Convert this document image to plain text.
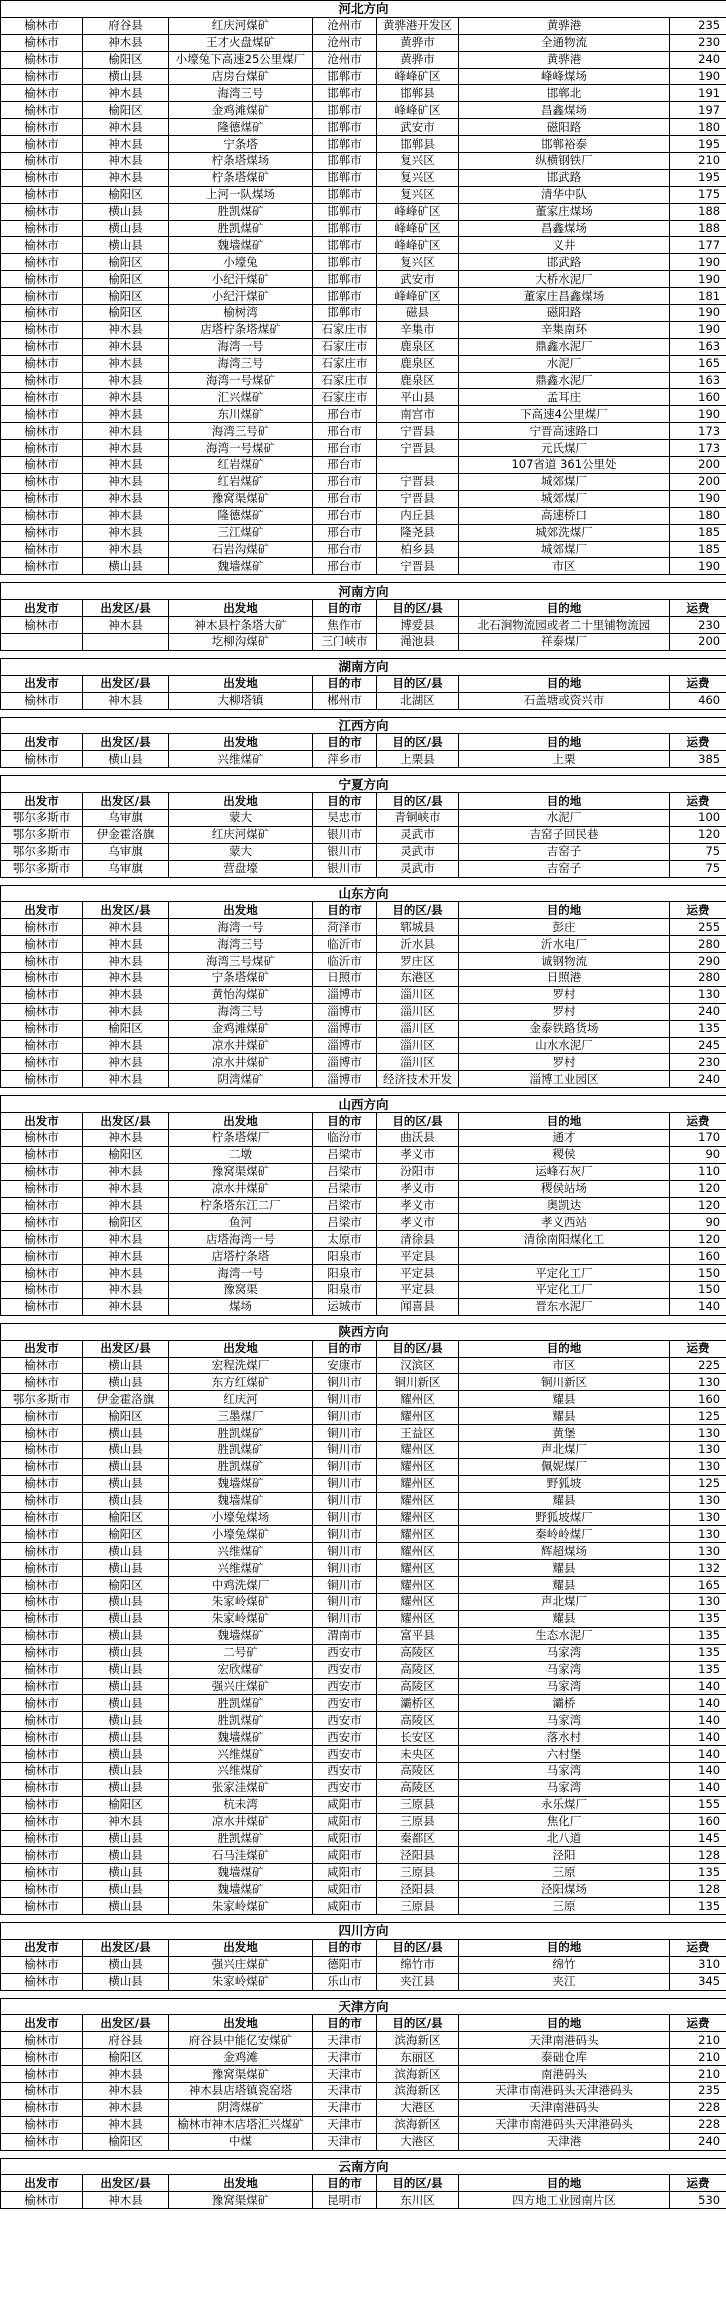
河北方向						
榆林市	府谷县	红庆河煤矿	沧州市	黄骅港开发区	黄骅港	235
榆林市	神木县	王才火盘煤矿	沧州市	黄骅市	全通物流	230
榆林市	榆阳区	小壕兔下高速25公里煤厂	沧州市	黄骅市	黄骅港	240
榆林市	横山县	店房台煤矿	邯郸市	峰峰矿区	峰峰煤场	190
榆林市	神木县	海湾三号	邯郸市	邯郸县	邯郸北	191
榆林市	榆阳区	金鸡滩煤矿	邯郸市	峰峰矿区	昌鑫煤场	197
榆林市	神木县	隆德煤矿	邯郸市	武安市	磁阳路	180
榆林市	神木县	宁条塔	邯郸市	邯郸县	邯郸裕泰	195
榆林市	神木县	柠条塔煤场	邯郸市	复兴区	纵横钢铁厂	210
榆林市	神木县	柠条塔煤矿	邯郸市	复兴区	邯武路	195
榆林市	榆阳区	上河一队煤场	邯郸市	复兴区	清华中队	175
榆林市	横山县	胜凯煤矿	邯郸市	峰峰矿区	董家庄煤场	188
榆林市	横山县	胜凯煤矿	邯郸市	峰峰矿区	昌鑫煤场	188
榆林市	横山县	魏墙煤矿	邯郸市	峰峰矿区	义井	177
榆林市	榆阳区	小壕兔	邯郸市	复兴区	邯武路	190
榆林市	榆阳区	小纪汗煤矿	邯郸市	武安市	大桥水泥厂	190
榆林市	榆阳区	小纪汗煤矿	邯郸市	峰峰矿区	董家庄昌鑫煤场	181
榆林市	榆阳区	榆树湾	邯郸市	磁县	磁阳路	190
榆林市	神木县	店塔柠条塔煤矿	石家庄市	辛集市	辛集南环	190
榆林市	神木县	海湾一号	石家庄市	鹿泉区	鼎鑫水泥厂	163
榆林市	神木县	海湾三号	石家庄市	鹿泉区	水泥厂	165
榆林市	神木县	海湾一号煤矿	石家庄市	鹿泉区	鼎鑫水泥厂	163
榆林市	神木县	汇兴煤矿	石家庄市	平山县	孟耳庄	160
榆林市	神木县	东川煤矿	邢台市	南宫市	下高速4公里煤厂	190
榆林市	神木县	海湾三号矿	邢台市	宁晋县	宁晋高速路口	173
榆林市	神木县	海湾一号煤矿	邢台市	宁晋县	元氏煤厂	173
榆林市	神木县	红岩煤矿	邢台市		107省道 361公里处	200
榆林市	神木县	红岩煤矿	邢台市	宁晋县	城郊煤厂	200
榆林市	神木县	豫窝渠煤矿	邢台市	宁晋县	城郊煤厂	190
榆林市	神木县	隆德煤矿	邢台市	内丘县	高速桥口	180
榆林市	神木县	三江煤矿	邢台市	隆尧县	城郊洗煤厂	185
榆林市	神木县	石岩沟煤矿	邢台市	柏乡县	城郊煤厂	185
榆林市	横山县	魏墙煤矿	邢台市	宁晋县	市区	190

河南方向						
出发市	出发区/县	出发地	目的市	目的区/县	目的地	运费
榆林市	神木县	神木县柠条塔大矿	焦作市	博爱县	北石涧物流园或者二十里铺物流园	230
		圪柳沟煤矿	三门峡市	渑池县	祥泰煤厂	200

湖南方向						
出发市	出发区/县	出发地	目的市	目的区/县	目的地	运费
榆林市	神木县	大柳塔镇	郴州市	北湖区	石盖塘或资兴市	460

江西方向						
出发市	出发区/县	出发地	目的市	目的区/县	目的地	运费
榆林市	横山县	兴维煤矿	萍乡市	上栗县	上栗	385

宁夏方向						
出发市	出发区/县	出发地	目的市	目的区/县	目的地	运费
鄂尔多斯市	乌审旗	蒙大	吴忠市	青铜峡市	水泥厂	100
鄂尔多斯市	伊金霍洛旗	红庆河煤矿	银川市	灵武市	吉窑子回民巷	120
鄂尔多斯市	乌审旗	蒙大	银川市	灵武市	吉窑子	75
鄂尔多斯市	乌审旗	营盘壕	银川市	灵武市	吉窑子	75

山东方向						
出发市	出发区/县	出发地	目的市	目的区/县	目的地	运费
榆林市	神木县	海湾一号	菏泽市	郓城县	彭庄	255
榆林市	神木县	海湾三号	临沂市	沂水县	沂水电厂	280
榆林市	神木县	海湾三号煤矿	临沂市	罗庄区	诚钢物流	290
榆林市	神木县	宁条塔煤矿	日照市	东港区	日照港	280
榆林市	神木县	黄怡沟煤矿	淄博市	淄川区	罗村	130
榆林市	神木县	海湾三号	淄博市	淄川区	罗村	240
榆林市	榆阳区	金鸡滩煤矿	淄博市	淄川区	金泰铁路货场	135
榆林市	神木县	凉水井煤矿	淄博市	淄川区	山水水泥厂	245
榆林市	神木县	凉水井煤矿	淄博市	淄川区	罗村	230
榆林市	神木县	阴湾煤矿	淄博市	经济技术开发	淄博工业园区	240

山西方向						
出发市	出发区/县	出发地	目的市	目的区/县	目的地	运费
榆林市	神木县	柠条塔煤厂	临汾市	曲沃县	通才	170
榆林市	榆阳区	二墩	吕梁市	孝义市	稷侯	90
榆林市	神木县	豫窝渠煤矿	吕梁市	汾阳市	运峰石灰厂	110
榆林市	神木县	凉水井煤矿	吕梁市	孝义市	稷侯站场	120
榆林市	神木县	柠条塔东江二厂	吕梁市	孝义市	奥凯达	120
榆林市	榆阳区	鱼河	吕梁市	孝义市	孝义西站	90
榆林市	神木县	店塔海湾一号	太原市	清徐县	清徐南阳煤化工	120
榆林市	神木县	店塔柠条塔	阳泉市	平定县		160
榆林市	神木县	海湾一号	阳泉市	平定县	平定化工厂	150
榆林市	神木县	豫窝渠	阳泉市	平定县	平定化工厂	150
榆林市	神木县	煤场	运城市	闻喜县	晋东水泥厂	140

陕西方向						
出发市	出发区/县	出发地	目的市	目的区/县	目的地	运费
榆林市	横山县	宏程洗煤厂	安康市	汉滨区	市区	225
榆林市	横山县	东方红煤矿	铜川市	铜川新区	铜川新区	130
鄂尔多斯市	伊金霍洛旗	红庆河	铜川市	耀州区	耀县	160
榆林市	榆阳区	三墨煤厂	铜川市	耀州区	耀县	125
榆林市	横山县	胜凯煤矿	铜川市	王益区	黄堡	130
榆林市	横山县	胜凯煤矿	铜川市	耀州区	声北煤厂	130
榆林市	横山县	胜凯煤矿	铜川市	耀州区	佩妮煤厂	130
榆林市	横山县	魏墙煤矿	铜川市	耀州区	野狐坡	125
榆林市	横山县	魏墙煤矿	铜川市	耀州区	耀县	130
榆林市	榆阳区	小壕兔煤场	铜川市	耀州区	野狐坡煤厂	130
榆林市	榆阳区	小壕兔煤矿	铜川市	耀州区	秦岭岭煤厂	130
榆林市	横山县	兴维煤矿	铜川市	耀州区	辉超煤场	130
榆林市	横山县	兴维煤矿	铜川市	耀州区	耀县	132
榆林市	榆阳区	中鸡洗煤厂	铜川市	耀州区	耀县	165
榆林市	横山县	朱家岭煤矿	铜川市	耀州区	声北煤厂	130
榆林市	横山县	朱家岭煤矿	铜川市	耀州区	耀县	135
榆林市	横山县	魏墙煤矿	渭南市	富平县	生态水泥厂	135
榆林市	横山县	二号矿	西安市	高陵区	马家湾	135
榆林市	横山县	宏欣煤矿	西安市	高陵区	马家湾	135
榆林市	横山县	强兴庄煤矿	西安市	高陵区	马家湾	140
榆林市	横山县	胜凯煤矿	西安市	灞桥区	灞桥	140
榆林市	横山县	胜凯煤矿	西安市	高陵区	马家湾	140
榆林市	横山县	魏墙煤矿	西安市	长安区	落水村	140
榆林市	横山县	兴维煤矿	西安市	未央区	六村堡	140
榆林市	横山县	兴维煤矿	西安市	高陵区	马家湾	140
榆林市	横山县	张家洼煤矿	西安市	高陵区	马家湾	140
榆林市	榆阳区	杭未湾	咸阳市	三原县	永乐煤厂	155
榆林市	神木县	凉水井煤矿	咸阳市	三原县	焦化厂	160
榆林市	横山县	胜凯煤矿	咸阳市	秦都区	北八道	145
榆林市	横山县	石马洼煤矿	咸阳市	泾阳县	泾阳	128
榆林市	横山县	魏墙煤矿	咸阳市	三原县	三原	135
榆林市	横山县	魏墙煤矿	咸阳市	泾阳县	泾阳煤场	128
榆林市	横山县	朱家岭煤矿	咸阳市	三原县	三原	135

四川方向						
出发市	出发区/县	出发地	目的市	目的区/县	目的地	运费
榆林市	横山县	强兴庄煤矿	德阳市	绵竹市	绵竹	310
榆林市	横山县	朱家岭煤矿	乐山市	夹江县	夹江	345

天津方向						
出发市	出发区/县	出发地	目的市	目的区/县	目的地	运费
榆林市	府谷县	府谷县中能亿安煤矿	天津市	滨海新区	天津南港码头	210
榆林市	榆阳区	金鸡滩	天津市	东丽区	泰础仓库	210
榆林市	神木县	豫窝渠煤矿	天津市	滨海新区	南港码头	210
榆林市	神木县	神木县店塔镇瓷窑塔	天津市	滨海新区	天津市南港码头天津港码头	235
榆林市	神木县	阴湾煤矿	天津市	大港区	天津南港码头	228
榆林市	神木县	榆林市神木店塔汇兴煤矿	天津市	滨海新区	天津市南港码头天津港码头	228
榆林市	榆阳区	中煤	天津市	大港区	天津港	240

云南方向						
出发市	出发区/县	出发地	目的市	目的区/县	目的地	运费
榆林市	神木县	豫窝渠煤矿	昆明市	东川区	四方地工业园南片区	530
